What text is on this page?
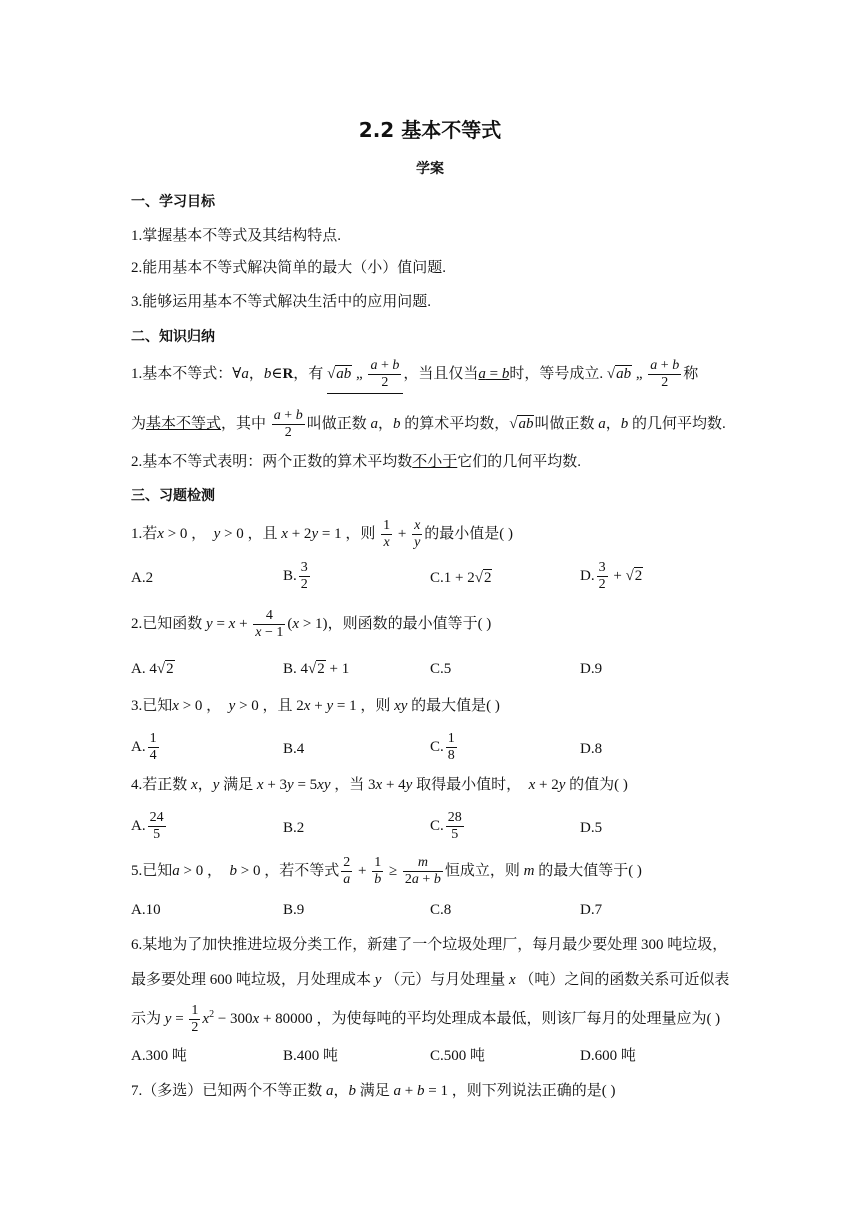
2.2 基本不等式
学案
一、学习目标
1.掌握基本不等式及其结构特点.
2.能用基本不等式解决简单的最大（小）值问题.
3.能够运用基本不等式解决生活中的应用问题.
二、知识归纳
1.基本不等式：∀a，b∈R，有 √ab „ $\frac{a + b}{2}$ ，当且仅当a = b时，等号成立. √ab „ $\frac{a + b}{2}$ 称
为基本不等式，其中 $\frac{a + b}{2}$ 叫做正数 a，b 的算术平均数，√ab叫做正数 a，b 的几何平均数.
2.基本不等式表明：两个正数的算术平均数不小于它们的几何平均数.
三、习题检测
1.若x > 0 ，  y > 0 ，且 x + 2y = 1 ，则 $\frac{1}{x} + \frac{x}{y}$ 的最小值是( )
A.2	B. $\frac{3}{2}$	C.1 + 2√2	D. $\frac{3}{2} + √2$
2.已知函数 $y = x + \frac{4}{x - 1} (x > 1)$，则函数的最小值等于( )
A. 4√2	B. 4√2 + 1	C.5	D.9
3.已知x > 0 ，  y > 0 ，且 2x + y = 1 ，则 xy 的最大值是( )
A. $\frac{1}{4}$	B.4	C. $\frac{1}{8}$	D.8
4.若正数 x，y 满足 x + 3y = 5xy ，当 3x + 4y 取得最小值时， x + 2y 的值为( )
A. $\frac{24}{5}$	B.2	C. $\frac{28}{5}$	D.5
5.已知a > 0 ，  b > 0 ，若不等式 $\frac{2}{a} + \frac{1}{b} \ge \frac{m}{2a + b}$ 恒成立，则 m 的最大值等于( )
A.10	B.9	C.8	D.7
6.某地为了加快推进垃圾分类工作，新建了一个垃圾处理厂，每月最少要处理 300 吨垃圾，
最多要处理 600 吨垃圾，月处理成本 y （元）与月处理量 x （吨）之间的函数关系可近似表
示为 $y = \frac{1}{2} x^2 - 300x + 80000$ ，为使每吨的平均处理成本最低，则该厂每月的处理量应为( )
A.300 吨	B.400 吨	C.500 吨	D.600 吨
7.（多选）已知两个不等正数 a，b 满足 a + b = 1 ，则下列说法正确的是( )
